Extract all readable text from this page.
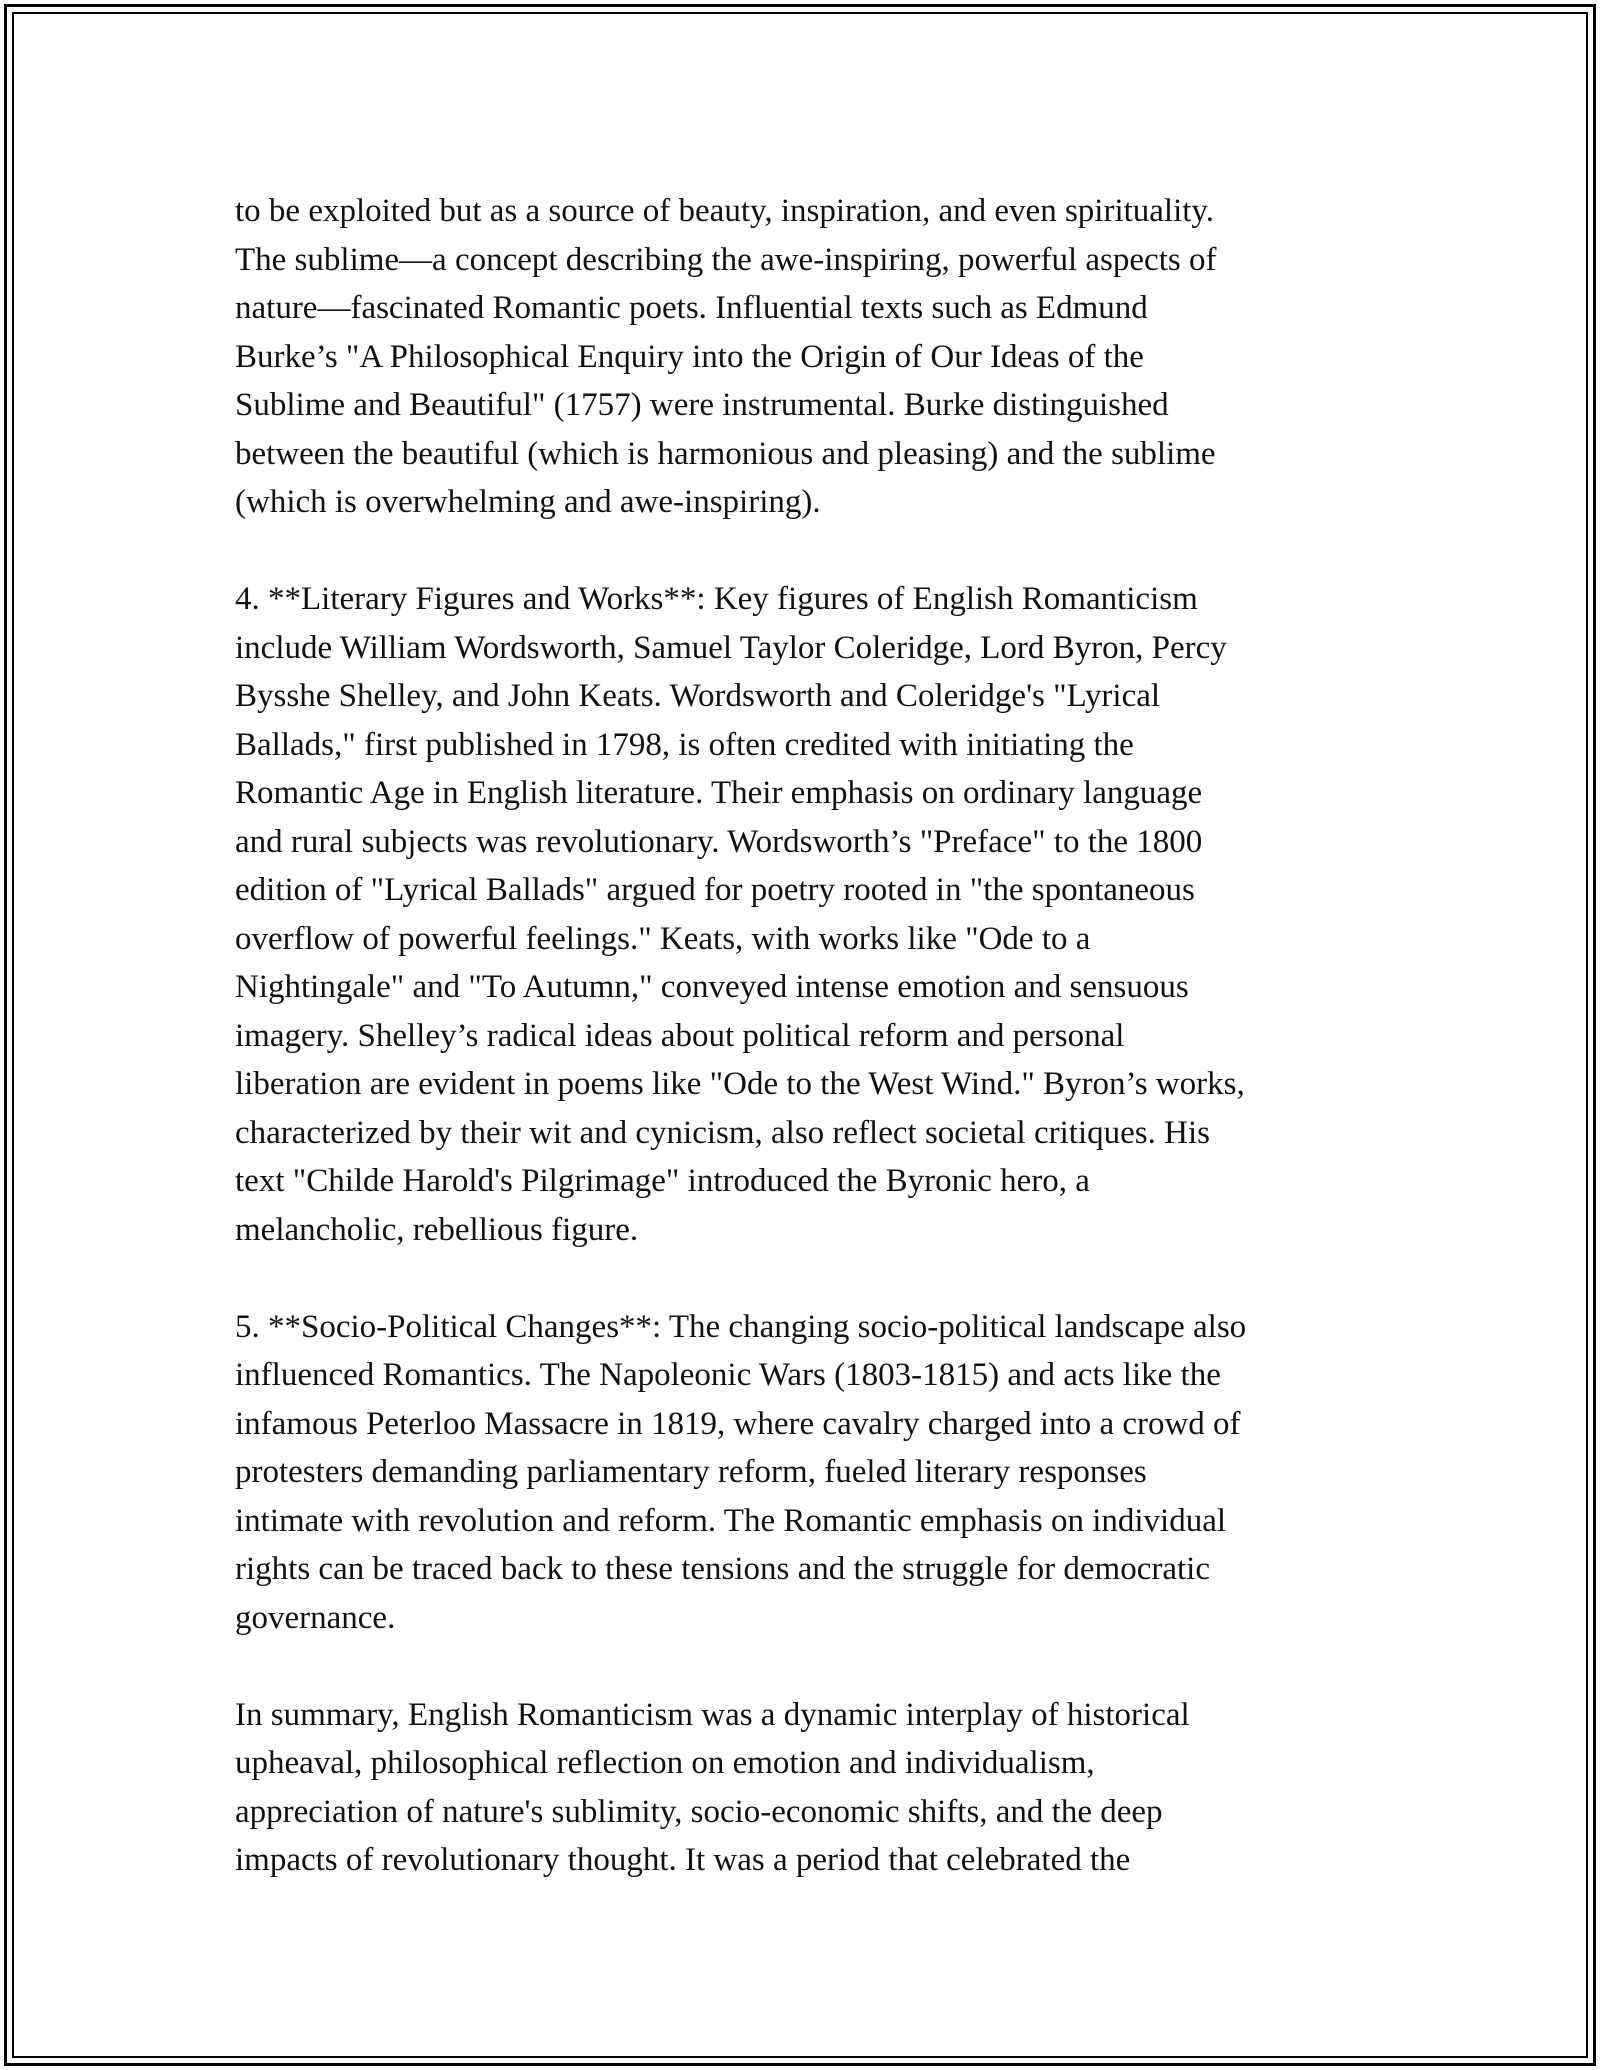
to be exploited but as a source of beauty, inspiration, and even spirituality.
The sublime—a concept describing the awe-inspiring, powerful aspects of
nature—fascinated Romantic poets. Influential texts such as Edmund
Burke’s "A Philosophical Enquiry into the Origin of Our Ideas of the
Sublime and Beautiful" (1757) were instrumental. Burke distinguished
between the beautiful (which is harmonious and pleasing) and the sublime
(which is overwhelming and awe-inspiring).

4. **Literary Figures and Works**: Key figures of English Romanticism
include William Wordsworth, Samuel Taylor Coleridge, Lord Byron, Percy
Bysshe Shelley, and John Keats. Wordsworth and Coleridge's "Lyrical
Ballads," first published in 1798, is often credited with initiating the
Romantic Age in English literature. Their emphasis on ordinary language
and rural subjects was revolutionary. Wordsworth’s "Preface" to the 1800
edition of "Lyrical Ballads" argued for poetry rooted in "the spontaneous
overflow of powerful feelings." Keats, with works like "Ode to a
Nightingale" and "To Autumn," conveyed intense emotion and sensuous
imagery. Shelley’s radical ideas about political reform and personal
liberation are evident in poems like "Ode to the West Wind." Byron’s works,
characterized by their wit and cynicism, also reflect societal critiques. His
text "Childe Harold's Pilgrimage" introduced the Byronic hero, a
melancholic, rebellious figure.

5. **Socio-Political Changes**: The changing socio-political landscape also
influenced Romantics. The Napoleonic Wars (1803-1815) and acts like the
infamous Peterloo Massacre in 1819, where cavalry charged into a crowd of
protesters demanding parliamentary reform, fueled literary responses
intimate with revolution and reform. The Romantic emphasis on individual
rights can be traced back to these tensions and the struggle for democratic
governance.

In summary, English Romanticism was a dynamic interplay of historical
upheaval, philosophical reflection on emotion and individualism,
appreciation of nature's sublimity, socio-economic shifts, and the deep
impacts of revolutionary thought. It was a period that celebrated the
